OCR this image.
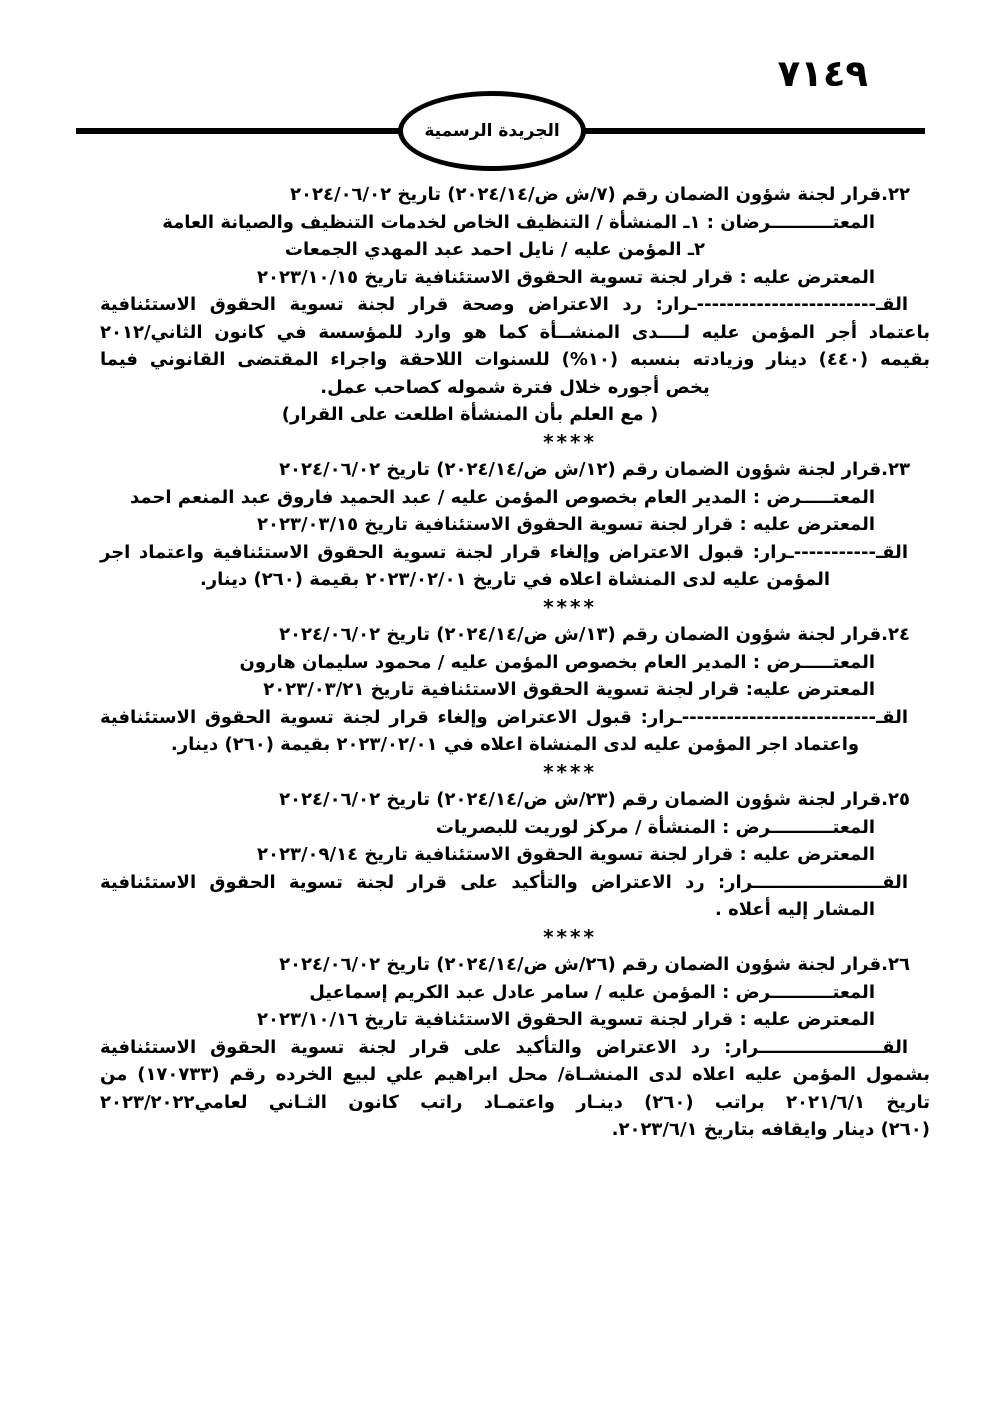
٧١٤٩
الجريدة الرسمية
٢٢.قرار لجنة شؤون الضمان رقم (٧/ش ض/٢٠٢٤/١٤) تاريخ ٢٠٢٤/٠٦/٠٢
المعتــــــــــرضان : ١ـ المنشأة / التنظيف الخاص لخدمات التنظيف والصيانة العامة
٢ـ المؤمن عليه / نايل احمد عبد المهدي الجمعات
المعترض عليه : قرار لجنة تسوية الحقوق الاستئنافية تاريخ ٢٠٢٣/١٠/١٥
القـ------------------------ـرار: رد الاعتراض وصحة قرار لجنة تسوية الحقوق الاستئنافية
باعتماد أجر المؤمن عليه لــــدى المنشــأة كما هو وارد للمؤسسة في كانون الثاني/٢٠١٢
بقيمه (٤٤٠) دينار وزيادته بنسبه (١٠%) للسنوات اللاحقة واجراء المقتضى القانوني فيما
يخص أجوره خلال فترة شموله كصاحب عمل.
( مع العلم بأن المنشأة اطلعت على القرار)
****
٢٣.قرار لجنة شؤون الضمان رقم (١٢/ش ض/٢٠٢٤/١٤) تاريخ ٢٠٢٤/٠٦/٠٢
المعتـــــرض : المدير العام بخصوص المؤمن عليه / عبد الحميد فاروق عبد المنعم احمد
المعترض عليه : قرار لجنة تسوية الحقوق الاستئنافية تاريخ ٢٠٢٣/٠٣/١٥
القـ-----------ـرار: قبول الاعتراض وإلغاء قرار لجنة تسوية الحقوق الاستئنافية واعتماد اجر
المؤمن عليه لدى المنشاة اعلاه في تاريخ ٢٠٢٣/٠٢/٠١ بقيمة (٢٦٠) دينار.
****
٢٤.قرار لجنة شؤون الضمان رقم (١٣/ش ض/٢٠٢٤/١٤) تاريخ ٢٠٢٤/٠٦/٠٢
المعتـــــرض : المدير العام بخصوص المؤمن عليه / محمود سليمان هارون
المعترض عليه: قرار لجنة تسوية الحقوق الاستئنافية تاريخ ٢٠٢٣/٠٣/٢١
القـ--------------------------ـرار: قبول الاعتراض وإلغاء قرار لجنة تسوية الحقوق الاستئنافية
واعتماد اجر المؤمن عليه لدى المنشاة اعلاه في ٢٠٢٣/٠٢/٠١ بقيمة (٢٦٠) دينار.
****
٢٥.قرار لجنة شؤون الضمان رقم (٢٣/ش ض/٢٠٢٤/١٤) تاريخ ٢٠٢٤/٠٦/٠٢
المعتــــــــــرض : المنشأة / مركز لوريت للبصريات
المعترض عليه : قرار لجنة تسوية الحقوق الاستئنافية تاريخ ٢٠٢٣/٠٩/١٤
القـــــــــــــــــــــرار: رد الاعتراض والتأكيد على قرار لجنة تسوية الحقوق الاستئنافية
المشار إليه أعلاه .
****
٢٦.قرار لجنة شؤون الضمان رقم (٢٦/ش ض/٢٠٢٤/١٤) تاريخ ٢٠٢٤/٠٦/٠٢
المعتــــــــــرض : المؤمن عليه / سامر عادل عبد الكريم إسماعيل
المعترض عليه : قرار لجنة تسوية الحقوق الاستئنافية تاريخ ٢٠٢٣/١٠/١٦
القــــــــــــــــــــرار: رد الاعتراض والتأكيد على قرار لجنة تسوية الحقوق الاستئنافية
بشمول المؤمن عليه اعلاه لدى المنشـاة/ محل ابراهيم علي لبيع الخرده رقم (١٧٠٧٣٣) من
تاريخ ٢٠٢١/٦/١ براتب (٢٦٠) دينـار واعتمـاد راتب كانون الثـاني لعامي٢٠٢٣/٢٠٢٢
(٢٦٠) دينار وايقافه بتاريخ ٢٠٢٣/٦/١.
